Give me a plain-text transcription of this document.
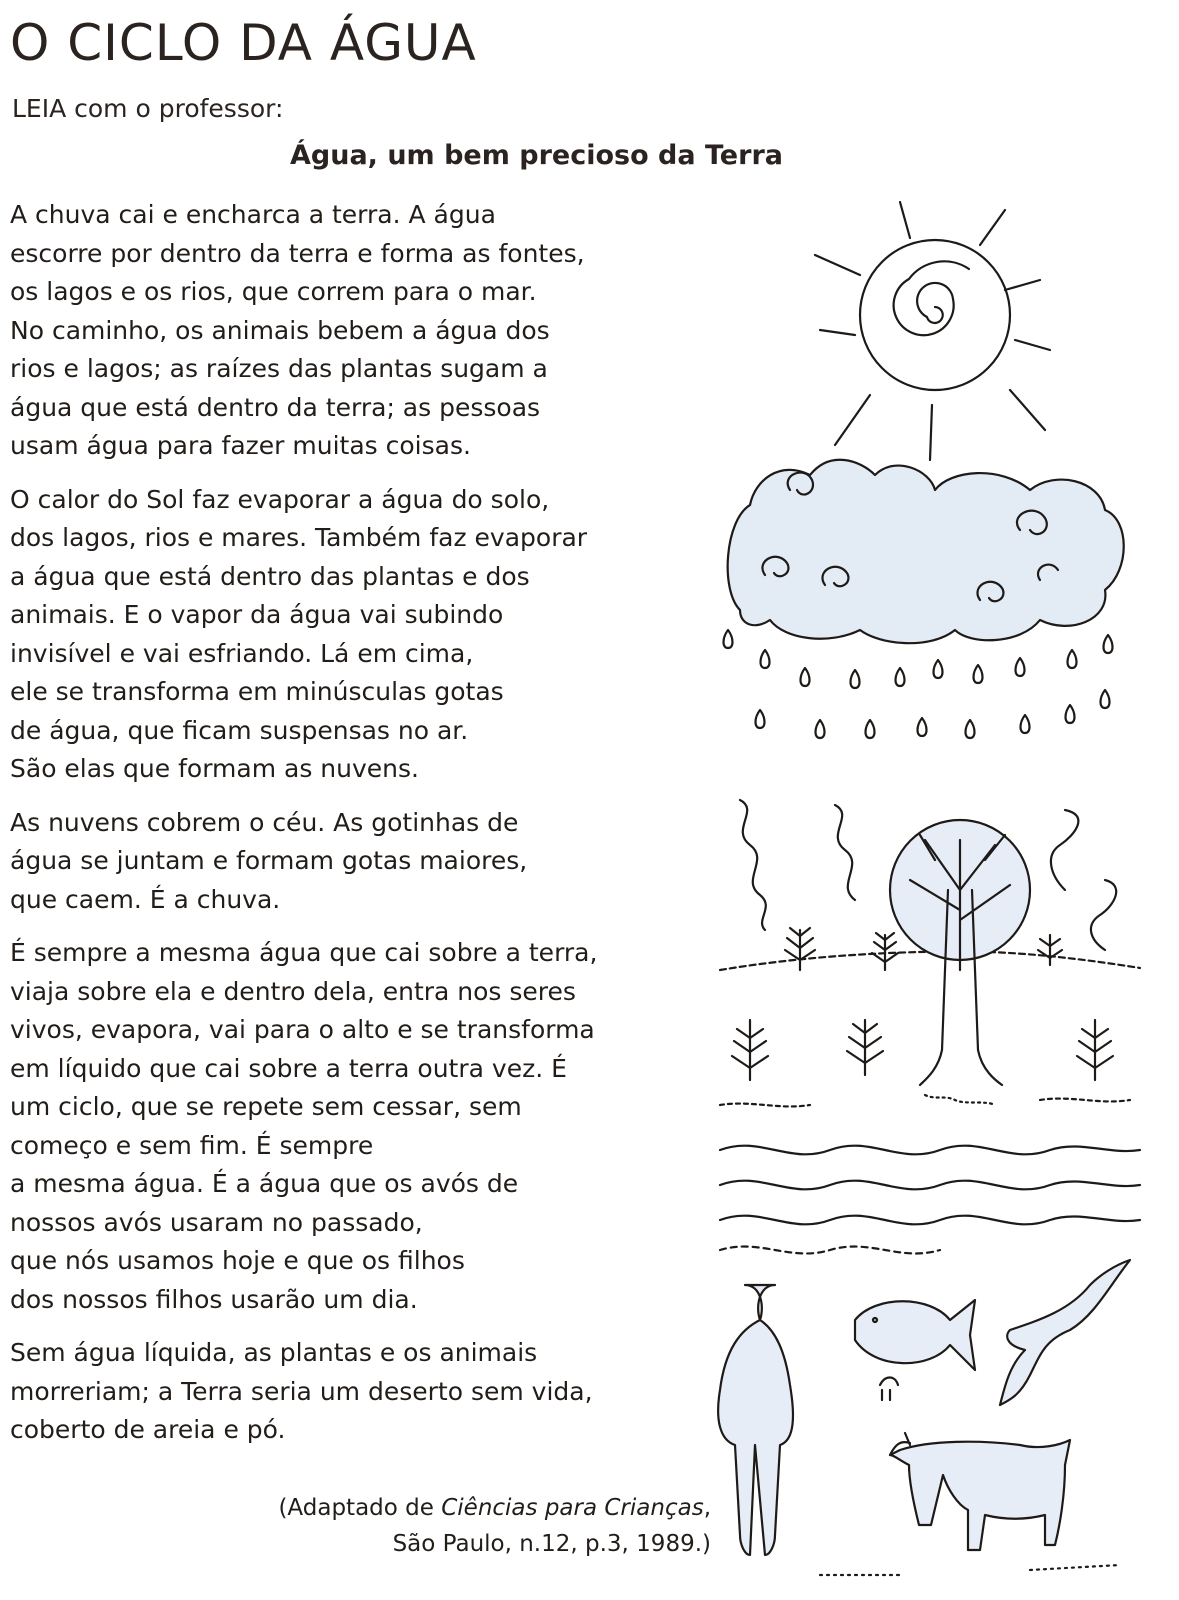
O CICLO DA ÁGUA
LEIA com o professor:
Água, um bem precioso da Terra

A chuva cai e encharca a terra. A água
escorre por dentro da terra e forma as fontes,
os lagos e os rios, que correm para o mar.
No caminho, os animais bebem a água dos
rios e lagos; as raízes das plantas sugam a
água que está dentro da terra; as pessoas
usam água para fazer muitas coisas.

O calor do Sol faz evaporar a água do solo,
dos lagos, rios e mares. Também faz evaporar
a água que está dentro das plantas e dos
animais. E o vapor da água vai subindo
invisível e vai esfriando. Lá em cima,
ele se transforma em minúsculas gotas
de água, que ficam suspensas no ar.
São elas que formam as nuvens.

As nuvens cobrem o céu. As gotinhas de
água se juntam e formam gotas maiores,
que caem. É a chuva.

É sempre a mesma água que cai sobre a terra,
viaja sobre ela e dentro dela, entra nos seres
vivos, evapora, vai para o alto e se transforma
em líquido que cai sobre a terra outra vez. É
um ciclo, que se repete sem cessar, sem
começo e sem fim. É sempre
a mesma água. É a água que os avós de
nossos avós usaram no passado,
que nós usamos hoje e que os filhos
dos nossos filhos usarão um dia.

Sem água líquida, as plantas e os animais
morreriam; a Terra seria um deserto sem vida,
coberto de areia e pó.

(Adaptado de Ciências para Crianças,
São Paulo, n.12, p.3, 1989.)
